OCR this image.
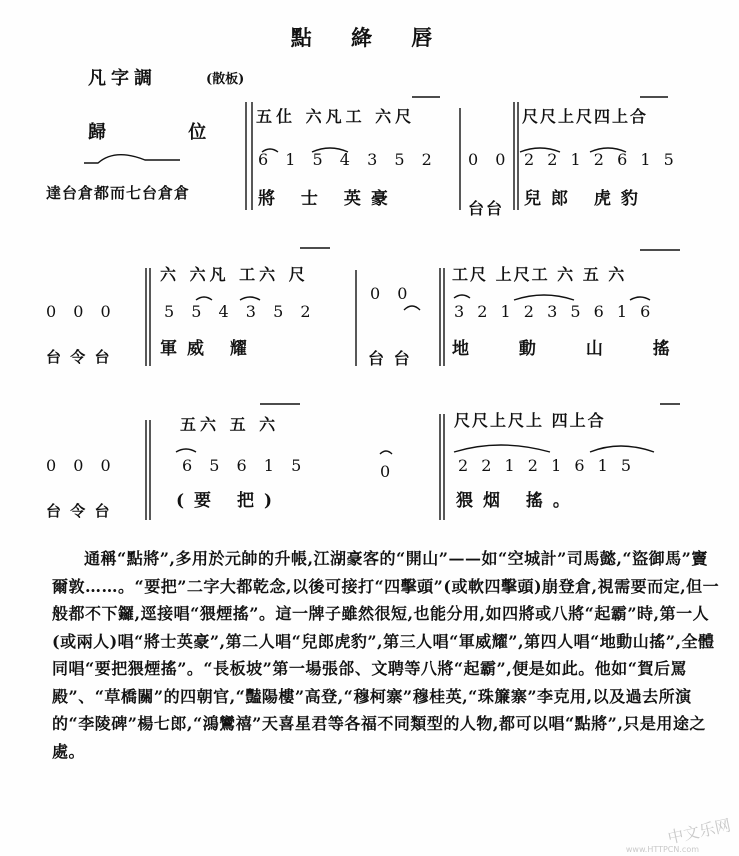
點 絳 唇
凡字調	(散板)
歸 位
達台倉都而七台倉倉
五仩 六凡工 六尺
6 1 5 4 3 5 2
將 士 英豪
0 0
台台
尺尺上尺四上合
2 2 1 2 6 1 5
兒郎 虎豹
0 0 0
台 令 台
六 六凡 工六 尺
5 5 4 3 5 2
軍威 耀
0 0
台 台
工尺 上尺工 六 五 六
3 2 1 2 3 5 6 1 6
地 動 山 搖
0 0 0
台 令 台
五六 五 六
6 5 6 1 5
(要 把)
0
尺尺上尺上 四上合
2 2 1 2 1 6 1 5
猥烟 搖。

通稱“點將”,多用於元帥的升帳,江湖豪客的“開山”——如“空城計”司馬懿,“盜御馬”竇爾敦……。“要把”二字大都乾念,以後可接打“四擊頭”(或軟四擊頭)崩登倉,視需要而定,但一般都不下鑼,逕接唱“猥煙搖”。這一牌子雖然很短,也能分用,如四將或八將“起霸”時,第一人(或兩人)唱“將士英豪”,第二人唱“兒郎虎豹”,第三人唱“軍威耀”,第四人唱“地動山搖”,全體同唱“要把猥煙搖”。“長板坡”第一場張郃、文聘等八將“起霸”,便是如此。他如“賀后罵殿”、“草橋關”的四朝官,“豔陽樓”高登,“穆柯寨”穆桂英,“珠簾寨”李克用,以及過去所演的“李陵碑”楊七郎,“鴻鸞禧”天喜星君等各福不同類型的人物,都可以唱“點將”,只是用途之處。

中文乐网
www.HTTPCN.com
